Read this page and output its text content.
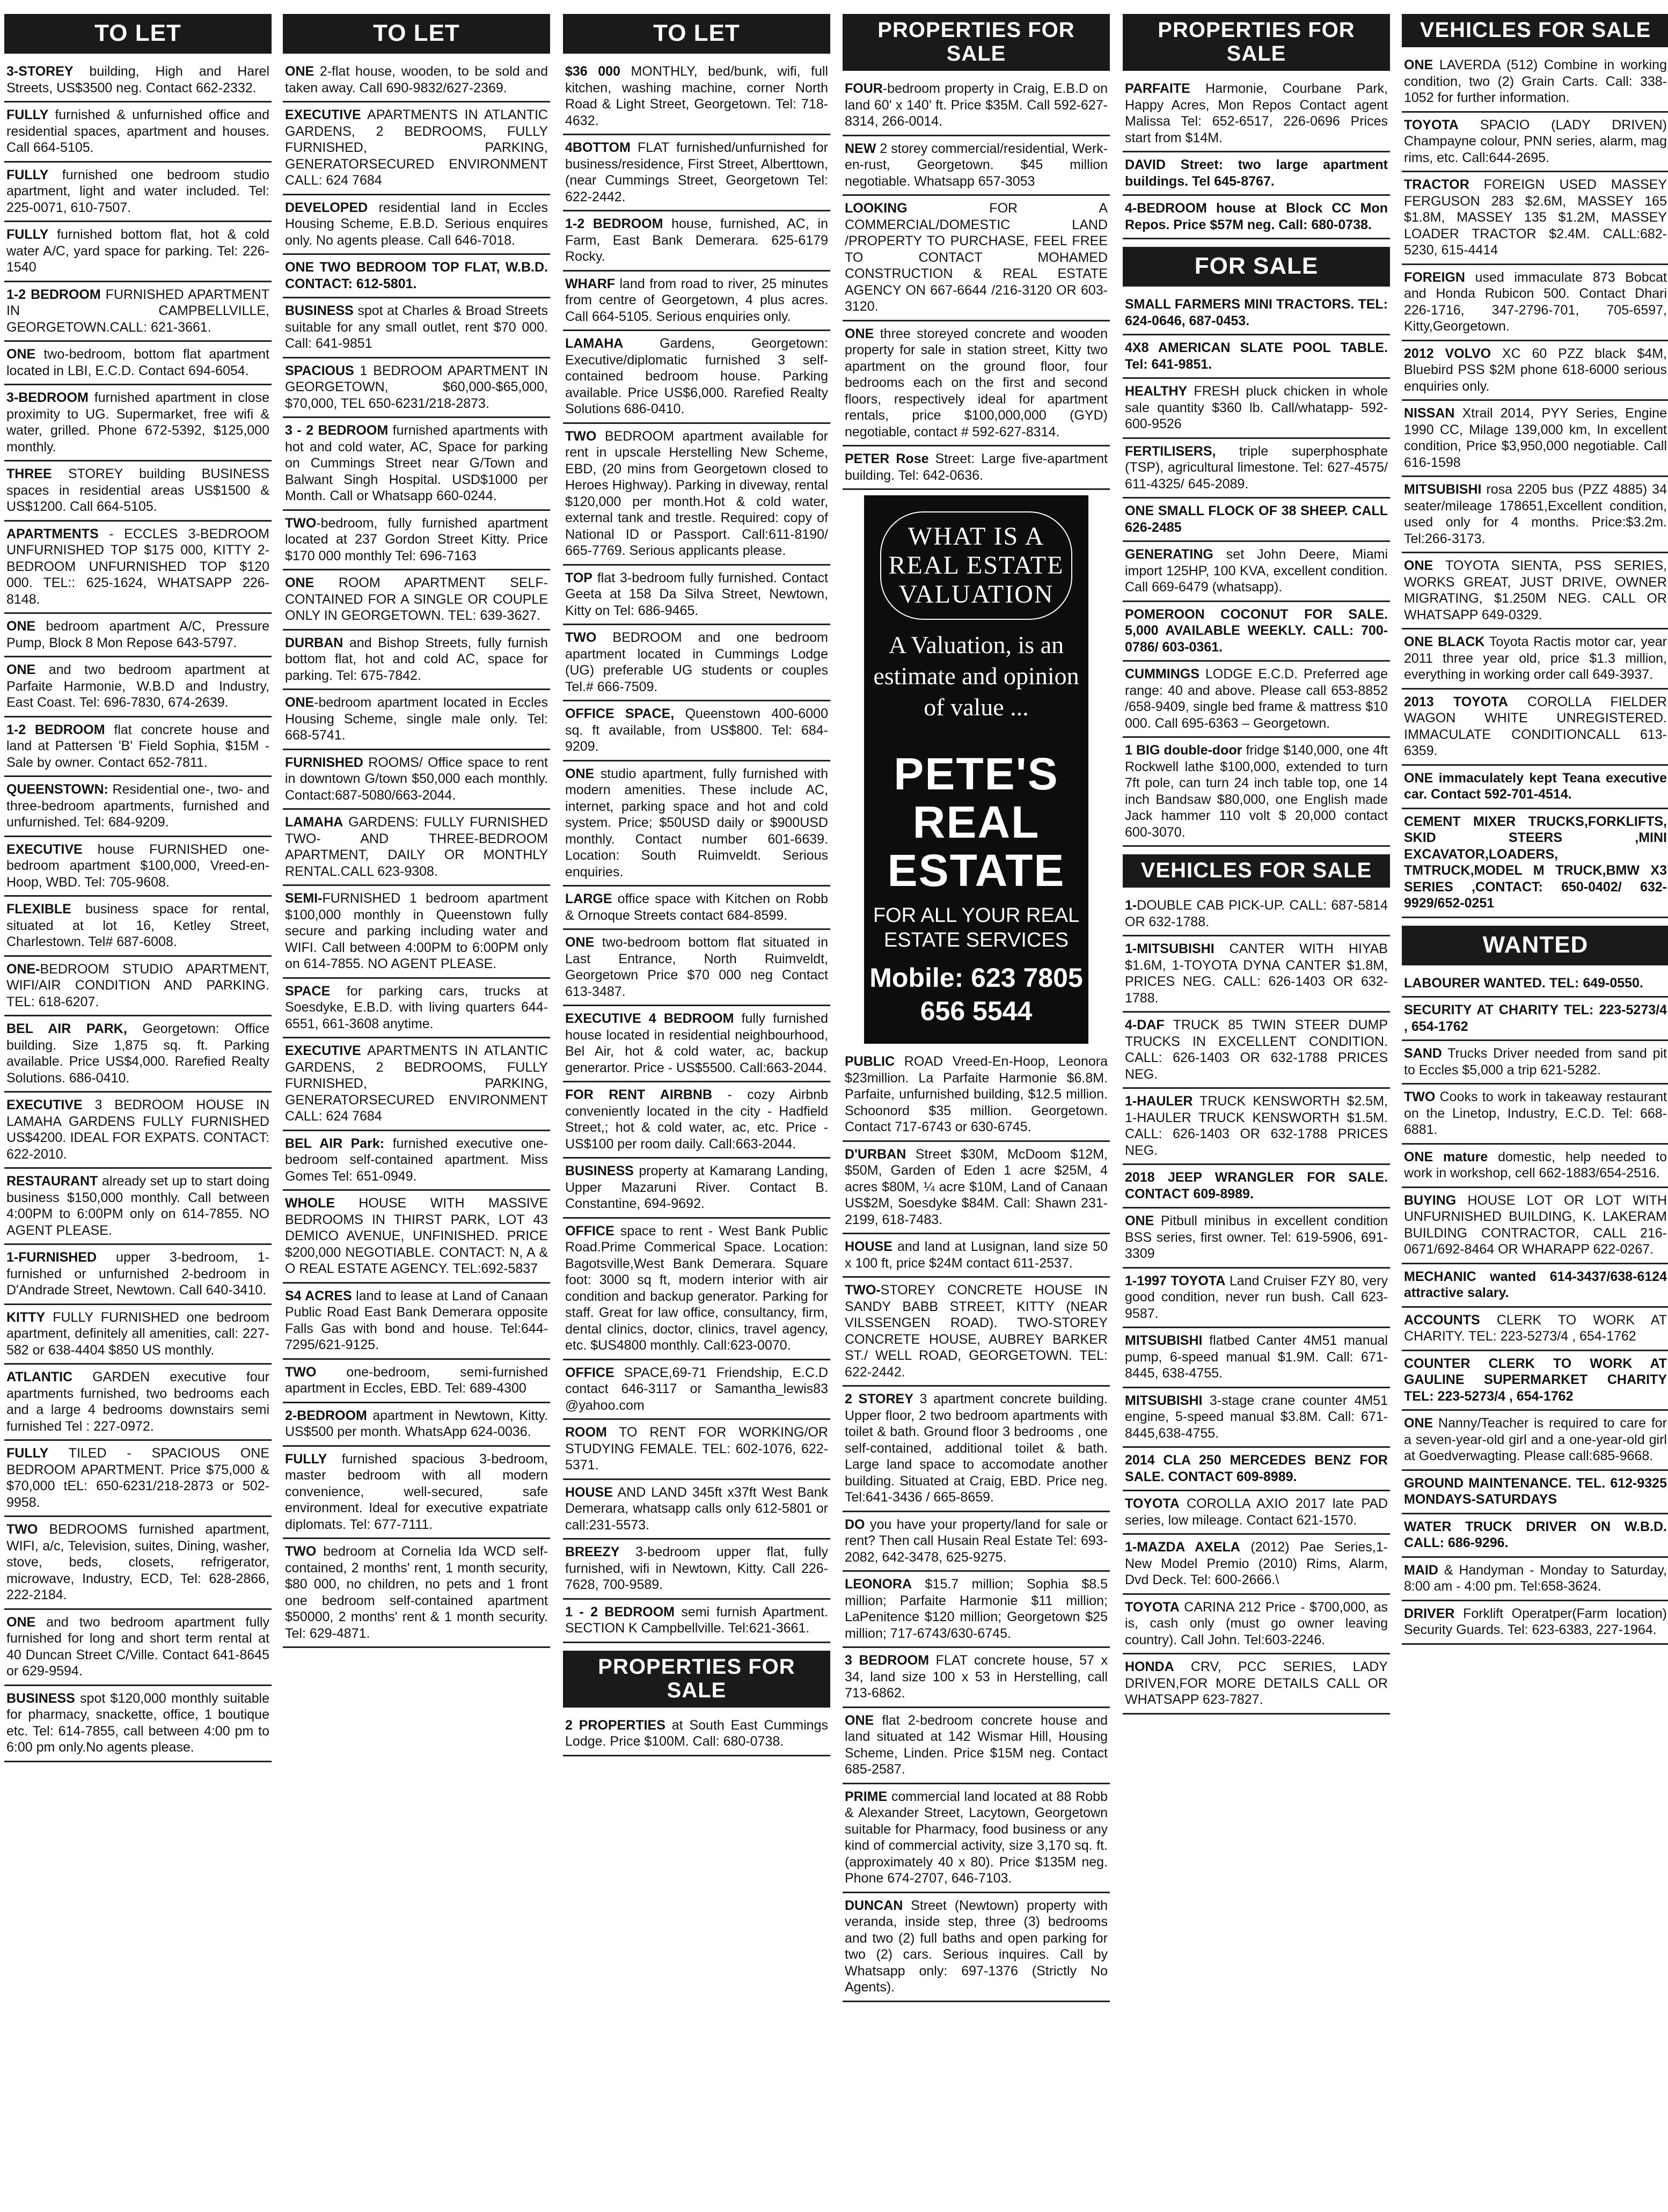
TO LET

3-STOREY building, High and Harel Streets, US$3500 neg. Contact 662-2332.

FULLY furnished & unfurnished office and residential spaces, apartment and houses. Call 664-5105.

FULLY furnished one bedroom studio apartment, light and water included. Tel: 225-0071, 610-7507.

FULLY furnished bottom flat, hot & cold water A/C, yard space for parking. Tel: 226-1540

1-2 BEDROOM FURNISHED APARTMENT IN CAMPBELLVILLE, GEORGETOWN.CALL: 621-3661.

ONE two-bedroom, bottom flat apartment located in LBI, E.C.D. Contact 694-6054.

3-BEDROOM furnished apartment in close proximity to UG. Supermarket, free wifi & water, grilled. Phone 672-5392, $125,000 monthly.

THREE STOREY building BUSINESS spaces in residential areas US$1500 & US$1200. Call 664-5105.

APARTMENTS - ECCLES 3-BEDROOM UNFURNISHED TOP $175 000, KITTY 2-BEDROOM UNFURNISHED TOP $120 000. TEL:: 625-1624, WHATSAPP 226-8148.

ONE bedroom apartment A/C, Pressure Pump, Block 8 Mon Repose 643-5797.

ONE and two bedroom apartment at Parfaite Harmonie, W.B.D and Industry, East Coast. Tel: 696-7830, 674-2639.

1-2 BEDROOM flat concrete house and land at Pattersen 'B' Field Sophia, $15M - Sale by owner. Contact 652-7811.

QUEENSTOWN: Residential one-, two- and three-bedroom apartments, furnished and unfurnished. Tel: 684-9209.

EXECUTIVE house FURNISHED one-bedroom apartment $100,000, Vreed-en-Hoop, WBD. Tel: 705-9608.

FLEXIBLE business space for rental, situated at lot 16, Ketley Street, Charlestown. Tel# 687-6008.

ONE-BEDROOM STUDIO APARTMENT, WIFI/AIR CONDITION AND PARKING. TEL: 618-6207.

BEL AIR PARK, Georgetown: Office building. Size 1,875 sq. ft. Parking available. Price US$4,000. Rarefied Realty Solutions. 686-0410.

EXECUTIVE 3 BEDROOM HOUSE IN LAMAHA GARDENS FULLY FURNISHED US$4200. IDEAL FOR EXPATS. CONTACT: 622-2010.

RESTAURANT already set up to start doing business $150,000 monthly. Call between 4:00PM to 6:00PM only on 614-7855. NO AGENT PLEASE.

1-FURNISHED upper 3-bedroom, 1-furnished or unfurnished 2-bedroom in D'Andrade Street, Newtown. Call 640-3410.

KITTY FULLY FURNISHED one bedroom apartment, definitely all amenities, call: 227-582 or 638-4404 $850 US monthly.

ATLANTIC GARDEN executive four apartments furnished, two bedrooms each and a large 4 bedrooms downstairs semi furnished Tel : 227-0972.

FULLY TILED - SPACIOUS ONE BEDROOM APARTMENT. Price $75,000 & $70,000 tEL: 650-6231/218-2873 or 502-9958.

TWO BEDROOMS furnished apartment, WIFI, a/c, Television, suites, Dining, washer, stove, beds, closets, refrigerator, microwave, Industry, ECD, Tel: 628-2866, 222-2184.

ONE and two bedroom apartment fully furnished for long and short term rental at 40 Duncan Street C/Ville. Contact 641-8645 or 629-9594.

BUSINESS spot $120,000 monthly suitable for pharmacy, snackette, office, 1 boutique etc. Tel: 614-7855, call between 4:00 pm to 6:00 pm only.No agents please.

TO LET

ONE 2-flat house, wooden, to be sold and taken away. Call 690-9832/627-2369.

EXECUTIVE APARTMENTS IN ATLANTIC GARDENS, 2 BEDROOMS, FULLY FURNISHED, PARKING, GENERATORSECURED ENVIRONMENT CALL: 624 7684

DEVELOPED residential land in Eccles Housing Scheme, E.B.D. Serious enquires only. No agents please. Call 646-7018.

ONE TWO BEDROOM TOP FLAT, W.B.D. CONTACT: 612-5801.

BUSINESS spot at Charles & Broad Streets suitable for any small outlet, rent $70 000. Call: 641-9851

SPACIOUS 1 BEDROOM APARTMENT IN GEORGETOWN, $60,000-$65,000, $70,000, TEL 650-6231/218-2873.

3 - 2 BEDROOM furnished apartments with hot and cold water, AC, Space for parking on Cummings Street near G/Town and Balwant Singh Hospital. USD$1000 per Month. Call or Whatsapp 660-0244.

TWO-bedroom, fully furnished apartment located at 237 Gordon Street Kitty. Price $170 000 monthly Tel: 696-7163

ONE ROOM APARTMENT SELF-CONTAINED FOR A SINGLE OR COUPLE ONLY IN GEORGETOWN. TEL: 639-3627.

DURBAN and Bishop Streets, fully furnish bottom flat, hot and cold AC, space for parking. Tel: 675-7842.

ONE-bedroom apartment located in Eccles Housing Scheme, single male only. Tel: 668-5741.

FURNISHED ROOMS/ Office space to rent in downtown G/town $50,000 each monthly. Contact:687-5080/663-2044.

LAMAHA GARDENS: FULLY FURNISHED TWO- AND THREE-BEDROOM APARTMENT, DAILY OR MONTHLY RENTAL.CALL 623-9308.

SEMI-FURNISHED 1 bedroom apartment $100,000 monthly in Queenstown fully secure and parking including water and WIFI. Call between 4:00PM to 6:00PM only on 614-7855. NO AGENT PLEASE.

SPACE for parking cars, trucks at Soesdyke, E.B.D. with living quarters 644-6551, 661-3608 anytime.

EXECUTIVE APARTMENTS IN ATLANTIC GARDENS, 2 BEDROOMS, FULLY FURNISHED, PARKING, GENERATORSECURED ENVIRONMENT CALL: 624 7684

BEL AIR Park: furnished executive one-bedroom self-contained apartment. Miss Gomes Tel: 651-0949.

WHOLE HOUSE WITH MASSIVE BEDROOMS IN THIRST PARK, LOT 43 DEMICO AVENUE, UNFINISHED. PRICE $200,000 NEGOTIABLE. CONTACT: N, A & O REAL ESTATE AGENCY. TEL:692-5837

S4 ACRES land to lease at Land of Canaan Public Road East Bank Demerara opposite Falls Gas with bond and house. Tel:644-7295/621-9125.

TWO one-bedroom, semi-furnished apartment in Eccles, EBD. Tel: 689-4300

2-BEDROOM apartment in Newtown, Kitty. US$500 per month. WhatsApp 624-0036.

FULLY furnished spacious 3-bedroom, master bedroom with all modern convenience, well-secured, safe environment. Ideal for executive expatriate diplomats. Tel: 677-7111.

TWO bedroom at Cornelia Ida WCD self-contained, 2 months' rent, 1 month security, $80 000, no children, no pets and 1 front one bedroom self-contained apartment $50000, 2 months' rent & 1 month security. Tel: 629-4871.

TO LET

$36 000 MONTHLY, bed/bunk, wifi, full kitchen, washing machine, corner North Road & Light Street, Georgetown. Tel: 718-4632.

4BOTTOM FLAT furnished/unfurnished for business/residence, First Street, Alberttown, (near Cummings Street, Georgetown Tel: 622-2442.

1-2 BEDROOM house, furnished, AC, in Farm, East Bank Demerara. 625-6179 Rocky.

WHARF land from road to river, 25 minutes from centre of Georgetown, 4 plus acres. Call 664-5105. Serious enquiries only.

LAMAHA Gardens, Georgetown: Executive/diplomatic furnished 3 self-contained bedroom house. Parking available. Price US$6,000. Rarefied Realty Solutions 686-0410.

TWO BEDROOM apartment available for rent in upscale Herstelling New Scheme, EBD, (20 mins from Georgetown closed to Heroes Highway). Parking in diveway, rental $120,000 per month.Hot & cold water, external tank and trestle. Required: copy of National ID or Passport. Call:611-8190/ 665-7769. Serious applicants please.

TOP flat 3-bedroom fully furnished. Contact Geeta at 158 Da Silva Street, Newtown, Kitty on Tel: 686-9465.

TWO BEDROOM and one bedroom apartment located in Cummings Lodge (UG) preferable UG students or couples Tel.# 666-7509.

OFFICE SPACE, Queenstown 400-6000 sq. ft available, from US$800. Tel: 684-9209.

ONE studio apartment, fully furnished with modern amenities. These include AC, internet, parking space and hot and cold system. Price; $50USD daily or $900USD monthly. Contact number 601-6639. Location: South Ruimveldt. Serious enquiries.

LARGE office space with Kitchen on Robb & Ornoque Streets contact 684-8599.

ONE two-bedroom bottom flat situated in Last Entrance, North Ruimveldt, Georgetown Price $70 000 neg Contact 613-3487.

EXECUTIVE 4 BEDROOM fully furnished house located in residential neighbourhood, Bel Air, hot & cold water, ac, backup generartor. Price - US$5500. Call:663-2044.

FOR RENT AIRBNB - cozy Airbnb conveniently located in the city - Hadfield Street,; hot & cold water, ac, etc. Price - US$100 per room daily. Call:663-2044.

BUSINESS property at Kamarang Landing, Upper Mazaruni River. Contact B. Constantine, 694-9692.

OFFICE space to rent - West Bank Public Road.Prime Commerical Space. Location: Bagotsville,West Bank Demerara. Square foot: 3000 sq ft, modern interior with air condition and backup generator. Parking for staff. Great for law office, consultancy, firm, dental clinics, doctor, clinics, travel agency, etc. $US4800 monthly. Call:623-0070.

OFFICE SPACE,69-71 Friendship, E.C.D contact 646-3117 or Samantha_lewis83 @yahoo.com

ROOM TO RENT FOR WORKING/OR STUDYING FEMALE. TEL: 602-1076, 622-5371.

HOUSE AND LAND 345ft x37ft West Bank Demerara, whatsapp calls only 612-5801 or call:231-5573.

BREEZY 3-bedroom upper flat, fully furnished, wifi in Newtown, Kitty. Call 226-7628, 700-9589.

1 - 2 BEDROOM semi furnish Apartment. SECTION K Campbellville. Tel:621-3661.

PROPERTIES FOR SALE

2 PROPERTIES at South East Cummings Lodge. Price $100M. Call: 680-0738.

PROPERTIES FOR SALE

FOUR-bedroom property in Craig, E.B.D on land 60' x 140' ft. Price $35M. Call 592-627-8314, 266-0014.

NEW 2 storey commercial/residential, Werk-en-rust, Georgetown. $45 million negotiable. Whatsapp 657-3053

LOOKING FOR A COMMERCIAL/DOMESTIC LAND /PROPERTY TO PURCHASE, FEEL FREE TO CONTACT MOHAMED CONSTRUCTION & REAL ESTATE AGENCY ON 667-6644 /216-3120 OR 603-3120.

ONE three storeyed concrete and wooden property for sale in station street, Kitty two apartment on the ground floor, four bedrooms each on the first and second floors, respectively ideal for apartment rentals, price $100,000,000 (GYD) negotiable, contact # 592-627-8314.

PETER Rose Street: Large five-apartment building. Tel: 642-0636.

WHAT IS A REAL ESTATE VALUATION
A Valuation, is an estimate and opinion of value ...
PETE'S REAL ESTATE
FOR ALL YOUR REAL ESTATE SERVICES
Mobile: 623 7805 656 5544

PUBLIC ROAD Vreed-En-Hoop, Leonora $23million. La Parfaite Harmonie $6.8M. Parfaite, unfurnished building, $12.5 million. Schoonord $35 million. Georgetown. Contact 717-6743 or 630-6745.

D'URBAN Street $30M, McDoom $12M, $50M, Garden of Eden 1 acre $25M, 4 acres $80M, ¼ acre $10M, Land of Canaan US$2M, Soesdyke $84M. Call: Shawn 231-2199, 618-7483.

HOUSE and land at Lusignan, land size 50 x 100 ft, price $24M contact 611-2537.

TWO-STOREY CONCRETE HOUSE IN SANDY BABB STREET, KITTY (NEAR VILSSENGEN ROAD). TWO-STOREY CONCRETE HOUSE, AUBREY BARKER ST./ WELL ROAD, GEORGETOWN. TEL: 622-2442.

2 STOREY 3 apartment concrete building. Upper floor, 2 two bedroom apartments with toilet & bath. Ground floor 3 bedrooms , one self-contained, additional toilet & bath. Large land space to accomodate another building. Situated at Craig, EBD. Price neg. Tel:641-3436 / 665-8659.

DO you have your property/land for sale or rent? Then call Husain Real Estate Tel: 693-2082, 642-3478, 625-9275.

LEONORA $15.7 million; Sophia $8.5 million; Parfaite Harmonie $11 million; LaPenitence $120 million; Georgetown $25 million; 717-6743/630-6745.

3 BEDROOM FLAT concrete house, 57 x 34, land size 100 x 53 in Herstelling, call 713-6862.

ONE flat 2-bedroom concrete house and land situated at 142 Wismar Hill, Housing Scheme, Linden. Price $15M neg. Contact 685-2587.

PRIME commercial land located at 88 Robb & Alexander Street, Lacytown, Georgetown suitable for Pharmacy, food business or any kind of commercial activity, size 3,170 sq. ft. (approximately 40 x 80). Price $135M neg. Phone 674-2707, 646-7103.

DUNCAN Street (Newtown) property with veranda, inside step, three (3) bedrooms and two (2) full baths and open parking for two (2) cars. Serious inquires. Call by Whatsapp only: 697-1376 (Strictly No Agents).

PROPERTIES FOR SALE

PARFAITE Harmonie, Courbane Park, Happy Acres, Mon Repos Contact agent Malissa Tel: 652-6517, 226-0696 Prices start from $14M.

DAVID Street: two large apartment buildings. Tel 645-8767.

4-BEDROOM house at Block CC Mon Repos. Price $57M neg. Call: 680-0738.

FOR SALE

SMALL FARMERS MINI TRACTORS. TEL: 624-0646, 687-0453.

4X8 AMERICAN SLATE POOL TABLE. Tel: 641-9851.

HEALTHY FRESH pluck chicken in whole sale quantity $360 lb. Call/whatapp- 592-600-9526

FERTILISERS, triple superphosphate (TSP), agricultural limestone. Tel: 627-4575/ 611-4325/ 645-2089.

ONE SMALL FLOCK OF 38 SHEEP. CALL 626-2485

GENERATING set John Deere, Miami import 125HP, 100 KVA, excellent condition. Call 669-6479 (whatsapp).

POMEROON COCONUT FOR SALE. 5,000 AVAILABLE WEEKLY. CALL: 700-0786/ 603-0361.

CUMMINGS LODGE E.C.D. Preferred age range: 40 and above. Please call 653-8852 /658-9409, single bed frame & mattress $10 000. Call 695-6363 – Georgetown.

1 BIG double-door fridge $140,000, one 4ft Rockwell lathe $100,000, extended to turn 7ft pole, can turn 24 inch table top, one 14 inch Bandsaw $80,000, one English made Jack hammer 110 volt $ 20,000 contact 600-3070.

VEHICLES FOR SALE

1-DOUBLE CAB PICK-UP. CALL: 687-5814 OR 632-1788.

1-MITSUBISHI CANTER WITH HIYAB $1.6M, 1-TOYOTA DYNA CANTER $1.8M, PRICES NEG. CALL: 626-1403 OR 632-1788.

4-DAF TRUCK 85 TWIN STEER DUMP TRUCKS IN EXCELLENT CONDITION. CALL: 626-1403 OR 632-1788 PRICES NEG.

1-HAULER TRUCK KENSWORTH $2.5M, 1-HAULER TRUCK KENSWORTH $1.5M. CALL: 626-1403 OR 632-1788 PRICES NEG.

2018 JEEP WRANGLER FOR SALE. CONTACT 609-8989.

ONE Pitbull minibus in excellent condition BSS series, first owner. Tel: 619-5906, 691-3309

1-1997 TOYOTA Land Cruiser FZY 80, very good condition, never run bush. Call 623-9587.

MITSUBISHI flatbed Canter 4M51 manual pump, 6-speed manual $1.9M. Call: 671-8445, 638-4755.

MITSUBISHI 3-stage crane counter 4M51 engine, 5-speed manual $3.8M. Call: 671-8445,638-4755.

2014 CLA 250 MERCEDES BENZ FOR SALE. CONTACT 609-8989.

TOYOTA COROLLA AXIO 2017 late PAD series, low mileage. Contact 621-1570.

1-MAZDA AXELA (2012) Pae Series,1- New Model Premio (2010) Rims, Alarm, Dvd Deck. Tel: 600-2666.\

TOYOTA CARINA 212 Price - $700,000, as is, cash only (must go owner leaving country). Call John. Tel:603-2246.

HONDA CRV, PCC SERIES, LADY DRIVEN,FOR MORE DETAILS CALL OR WHATSAPP 623-7827.

VEHICLES FOR SALE

ONE LAVERDA (512) Combine in working condition, two (2) Grain Carts. Call: 338-1052 for further information.

TOYOTA SPACIO (LADY DRIVEN) Champayne colour, PNN series, alarm, mag rims, etc. Call:644-2695.

TRACTOR FOREIGN USED MASSEY FERGUSON 283 $2.6M, MASSEY 165 $1.8M, MASSEY 135 $1.2M, MASSEY LOADER TRACTOR $2.4M. CALL:682-5230, 615-4414

FOREIGN used immaculate 873 Bobcat and Honda Rubicon 500. Contact Dhari 226-1716, 347-2796-701, 705-6597, Kitty,Georgetown.

2012 VOLVO XC 60 PZZ black $4M, Bluebird PSS $2M phone 618-6000 serious enquiries only.

NISSAN Xtrail 2014, PYY Series, Engine 1990 CC, Milage 139,000 km, In excellent condition, Price $3,950,000 negotiable. Call 616-1598

MITSUBISHI rosa 2205 bus (PZZ 4885) 34 seater/mileage 178651,Excellent condition, used only for 4 months. Price:$3.2m. Tel:266-3173.

ONE TOYOTA SIENTA, PSS SERIES, WORKS GREAT, JUST DRIVE, OWNER MIGRATING, $1.250M NEG. CALL OR WHATSAPP 649-0329.

ONE BLACK Toyota Ractis motor car, year 2011 three year old, price $1.3 million, everything in working order call 649-3937.

2013 TOYOTA COROLLA FIELDER WAGON WHITE UNREGISTERED. IMMACULATE CONDITIONCALL 613-6359.

ONE immaculately kept Teana executive car. Contact 592-701-4514.

CEMENT MIXER TRUCKS,FORKLIFTS, SKID STEERS ,MINI EXCAVATOR,LOADERS, TMTRUCK,MODEL M TRUCK,BMW X3 SERIES ,CONTACT: 650-0402/ 632-9929/652-0251

WANTED

LABOURER WANTED. TEL: 649-0550.

SECURITY AT CHARITY TEL: 223-5273/4 , 654-1762

SAND Trucks Driver needed from sand pit to Eccles $5,000 a trip 621-5282.

TWO Cooks to work in takeaway restaurant on the Linetop, Industry, E.C.D. Tel: 668-6881.

ONE mature domestic, help needed to work in workshop, cell 662-1883/654-2516.

BUYING HOUSE LOT OR LOT WITH UNFURNISHED BUILDING, K. LAKERAM BUILDING CONTRACTOR, CALL 216-0671/692-8464 OR WHARAPP 622-0267.

MECHANIC wanted 614-3437/638-6124 attractive salary.

ACCOUNTS CLERK TO WORK AT CHARITY. TEL: 223-5273/4 , 654-1762

COUNTER CLERK TO WORK AT GAULINE SUPERMARKET CHARITY TEL: 223-5273/4 , 654-1762

ONE Nanny/Teacher is required to care for a seven-year-old girl and a one-year-old girl at Goedverwagting. Please call:685-9668.

GROUND MAINTENANCE. TEL. 612-9325 MONDAYS-SATURDAYS

WATER TRUCK DRIVER ON W.B.D. CALL: 686-9296.

MAID & Handyman - Monday to Saturday, 8:00 am - 4:00 pm. Tel:658-3624.

DRIVER Forklift Operatper(Farm location) Security Guards. Tel: 623-6383, 227-1964.
